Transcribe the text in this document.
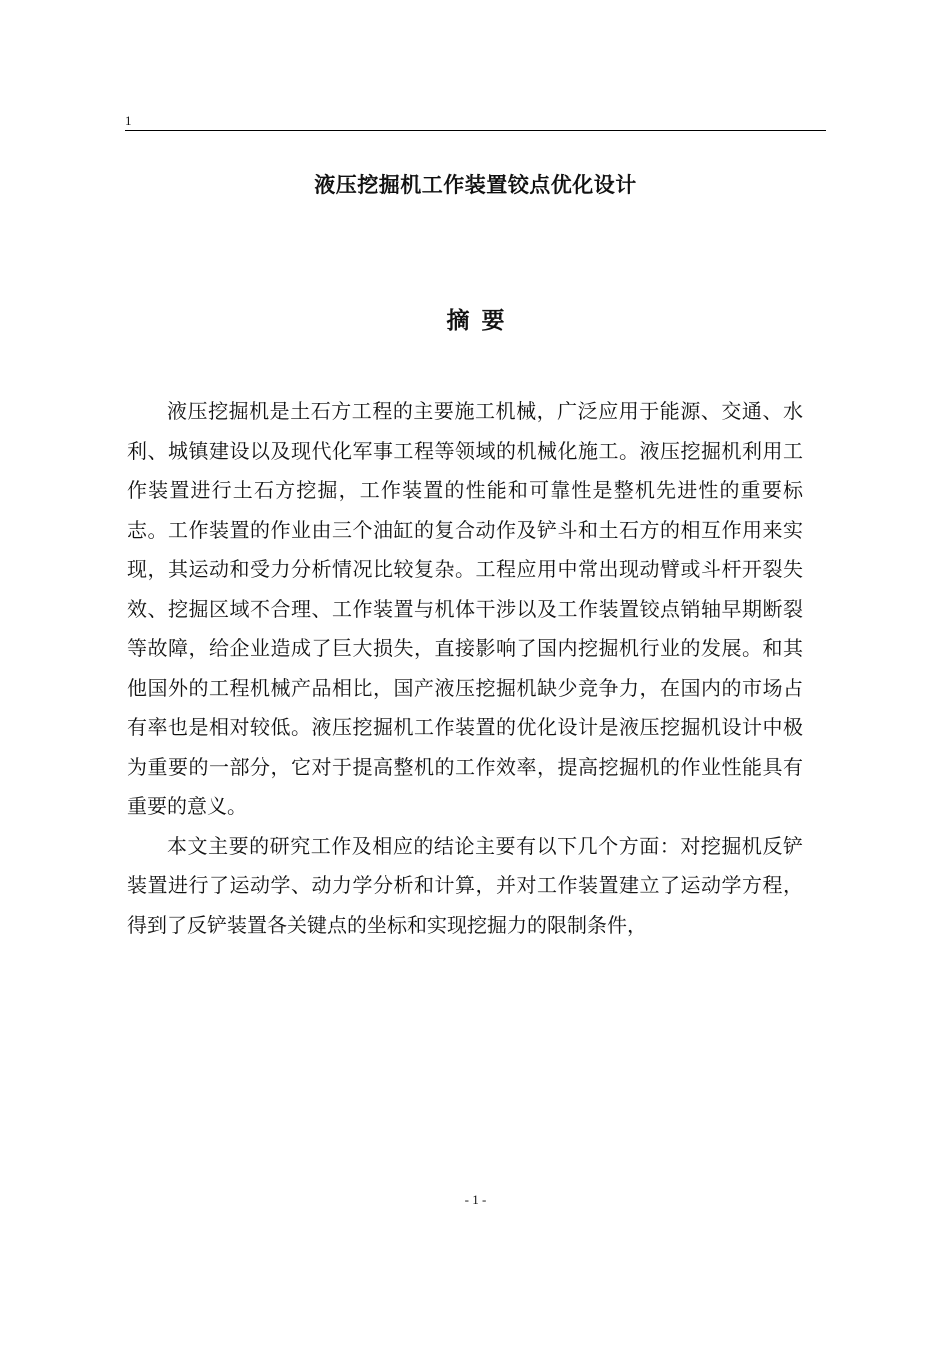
1
液压挖掘机工作装置铰点优化设计
摘要

液压挖掘机是土石方工程的主要施工机械，广泛应用于能源、交通、水利、城镇建设以及现代化军事工程等领域的机械化施工。液压挖掘机利用工作装置进行土石方挖掘，工作装置的性能和可靠性是整机先进性的重要标志。工作装置的作业由三个油缸的复合动作及铲斗和土石方的相互作用来实现，其运动和受力分析情况比较复杂。工程应用中常出现动臂或斗杆开裂失效、挖掘区域不合理、工作装置与机体干涉以及工作装置铰点销轴早期断裂等故障，给企业造成了巨大损失，直接影响了国内挖掘机行业的发展。和其他国外的工程机械产品相比，国产液压挖掘机缺少竞争力，在国内的市场占有率也是相对较低。液压挖掘机工作装置的优化设计是液压挖掘机设计中极为重要的一部分，它对于提高整机的工作效率，提高挖掘机的作业性能具有重要的意义。

本文主要的研究工作及相应的结论主要有以下几个方面：对挖掘机反铲装置进行了运动学、动力学分析和计算，并对工作装置建立了运动学方程，得到了反铲装置各关键点的坐标和实现挖掘力的限制条件，

- 1 -
